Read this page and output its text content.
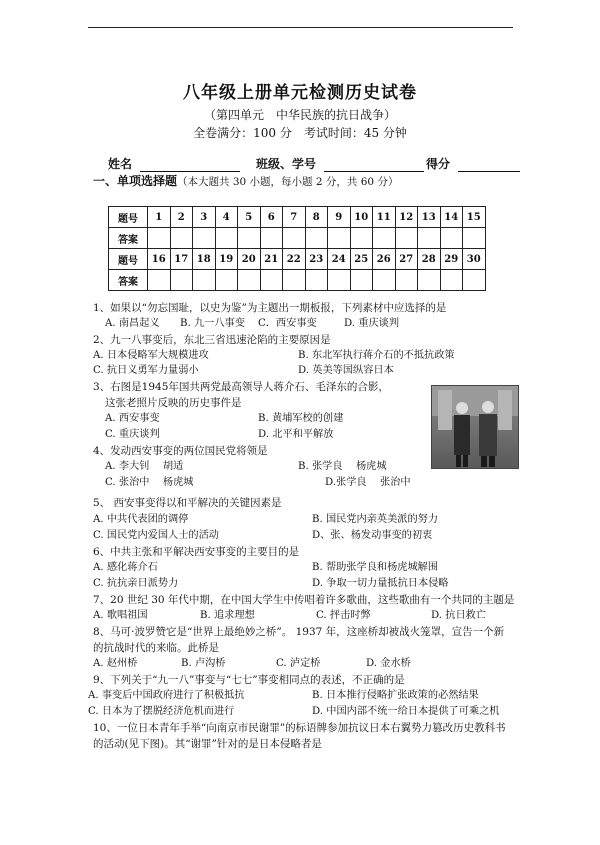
八年级上册单元检测历史试卷
（第四单元　中华民族的抗日战争）
全卷满分：100 分　考试时间：45 分钟
姓名	班级、学号	得分
一、单项选择题（本大题共 30 小题，每小题 2 分，共 60 分）
题号	1	2	3	4	5	6	7	8	9	10	11	12	13	14	15
答案															
题号	16	17	18	19	20	21	22	23	24	25	26	27	28	29	30
答案															
1、如果以“勿忘国耻，以史为鉴”为主题出一期板报，下列素材中应选择的是
A. 南昌起义 B. 九一八事变 C．西安事变	D. 重庆谈判
2、九一八事变后，东北三省迅速沦陷的主要原因是
A. 日本侵略军大规模进攻	B. 东北军执行蒋介石的不抵抗政策
C. 抗日义勇军力量弱小	D. 英美等国纵容日本
3、右图是1945年国共两党最高领导人蒋介石、毛泽东的合影，
这张老照片反映的历史事件是
A. 西安事变	B. 黄埔军校的创建
C. 重庆谈判	D. 北平和平解放
4、发动西安事变的两位国民党将领是
A. 李大钊　 胡适	B. 张学良　 杨虎城
C. 张治中　 杨虎城	D.张学良　 张治中
5、 西安事变得以和平解决的关键因素是
A. 中共代表团的调停	B. 国民党内亲英美派的努力
C. 国民党内爱国人士的活动	D、张、杨发动事变的初衷
6、中共主张和平解决西安事变的主要目的是
A. 感化蒋介石	B. 帮助张学良和杨虎城解围
C. 抗抗亲日派势力	D. 争取一切力量抵抗日本侵略
7、20 世纪 30 年代中期，在中国大学生中传唱着许多歌曲，这些歌曲有一个共同的主题是
A. 歌唱祖国	B. 追求理想	C. 抨击时弊	D. 抗日救亡
8、马可·波罗赞它是“世界上最绝妙之桥”。 1937 年，这座桥却被战火笼罩，宣告一个新
的抗战时代的来临。此桥是
A. 赵州桥	B. 卢沟桥	C. 泸定桥	D. 金水桥
9、下列关于“九一八”事变与“七七”事变相同点的表述，不正确的是
A. 事变后中国政府进行了积极抵抗	B. 日本推行侵略扩张政策的必然结果
C. 日本为了摆脱经济危机而进行	D. 中国内部不统一给日本提供了可乘之机
10、一位日本青年手举“向南京市民谢罪”的标语牌参加抗议日本右翼势力篡改历史教科书
的活动(见下图)。其“谢罪”针对的是日本侵略者是
